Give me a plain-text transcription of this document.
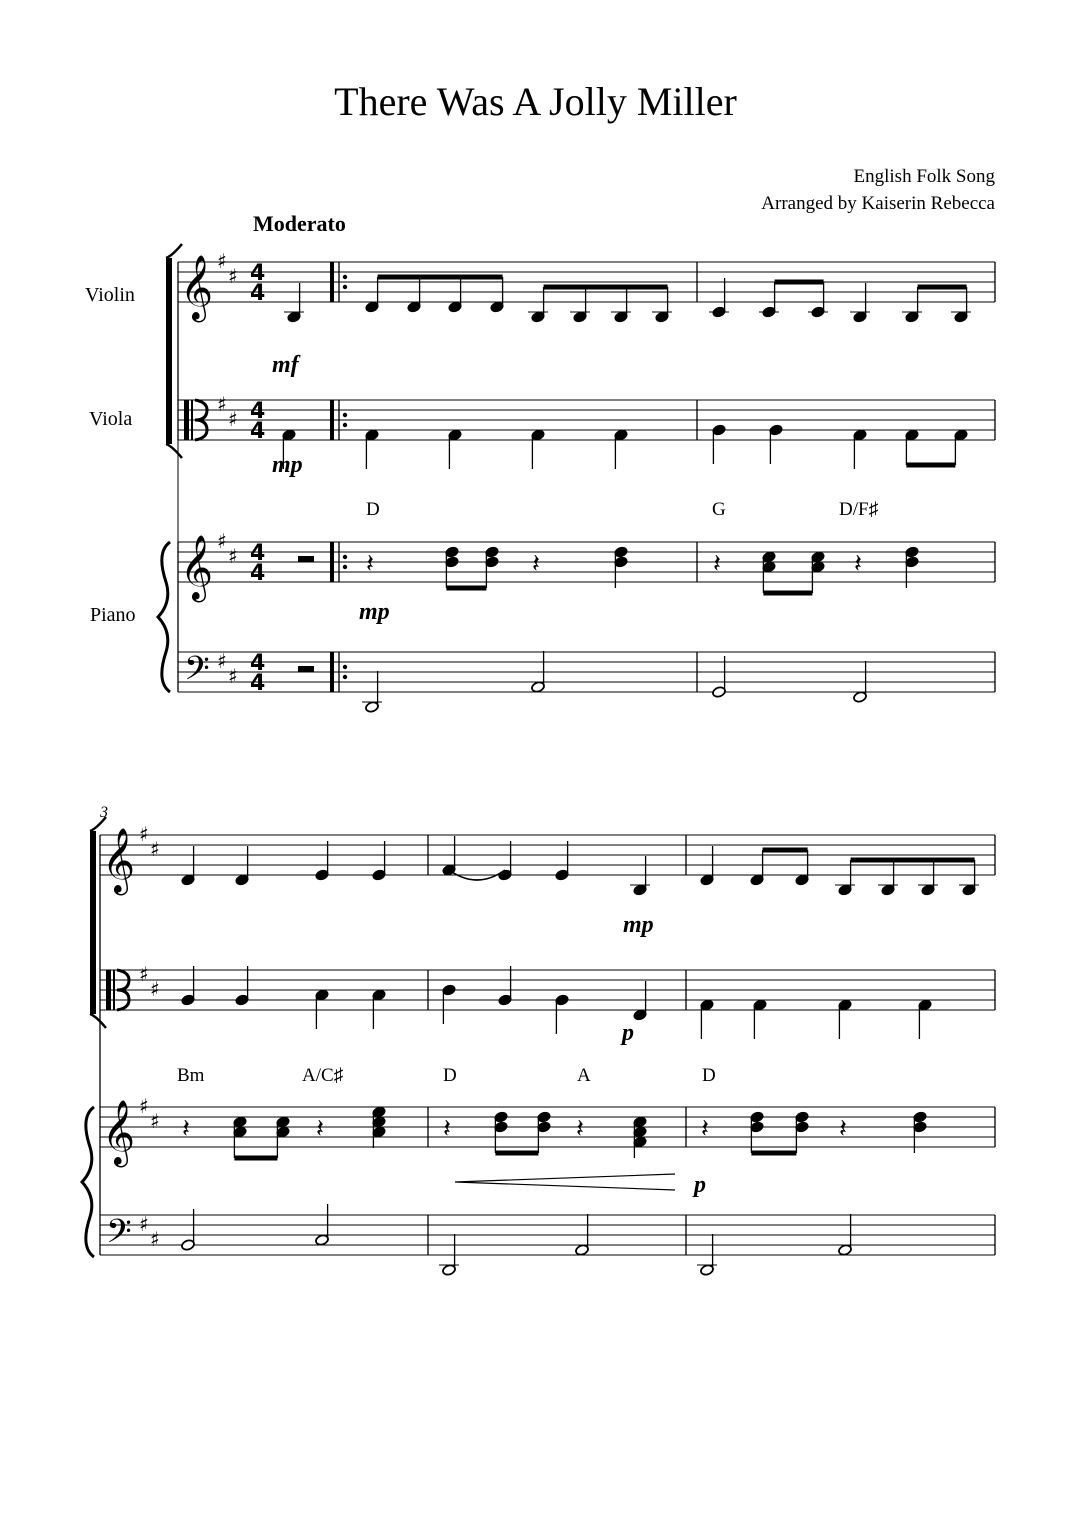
There Was A Jolly Miller
English Folk Song
Arranged by Kaiserin Rebecca
Moderato
Violin
Viola
Piano
D	G	D/F♯
mf
mp
mp
3
Bm	A/C♯	D	A	D
mp
p
p
𝄞 ♯
♯ 4
4
♯
♯ 4
4
𝄞 ♯
♯ 4
4
𝄢 ♯
♯ 4
4
𝄽	𝄽	𝄽	𝄽
𝄞 ♯
♯
♯
♯
𝄞 ♯
♯
𝄢 ♯
♯
𝄽	𝄽	𝄽	𝄽	𝄽	𝄽
